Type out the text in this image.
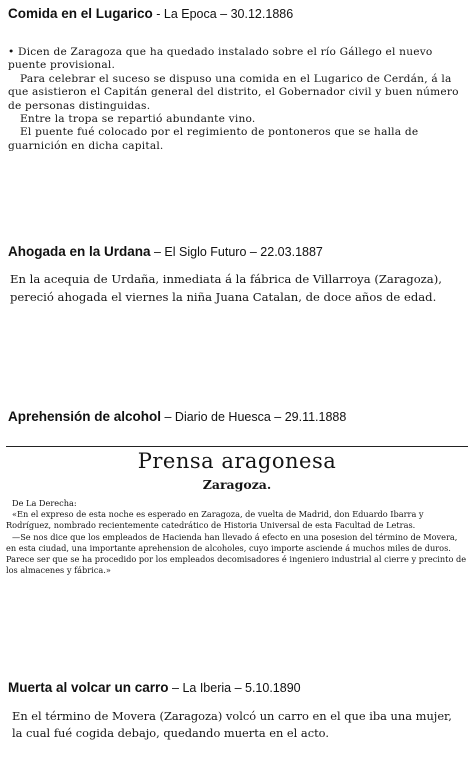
Comida en el Lugarico - La Epoca – 30.12.1886

• Dicen de Zaragoza que ha quedado instalado sobre el río Gállego el nuevo puente provisional.

Para celebrar el suceso se dispuso una comida en el Lugarico de Cerdán, á la que asistieron el Capitán general del distrito, el Gobernador civil y buen número de personas distinguidas.

Entre la tropa se repartió abundante vino.

El puente fué colocado por el regimiento de pontoneros que se halla de guarnición en dicha capital.

Ahogada en la Urdana – El Siglo Futuro – 22.03.1887

En la acequia de Urdaña, inmediata á la fábrica de Villarroya (Zaragoza), pereció ahogada el viernes la niña Juana Catalan, de doce años de edad.

Aprehensión de alcohol – Diario de Huesca – 29.11.1888
Prensa aragonesa
Zaragoza.

De La Derecha:

«En el expreso de esta noche es esperado en Zaragoza, de vuelta de Madrid, don Eduardo Ibarra y Rodríguez, nombrado recientemente catedrático de Historia Universal de esta Facultad de Letras.

—Se nos dice que los empleados de Hacienda han llevado á efecto en una posesion del término de Movera, en esta ciudad, una importante aprehension de alcoholes, cuyo importe asciende á muchos miles de duros. Parece ser que se ha procedido por los empleados decomisadores é ingeniero industrial al cierre y precinto de los almacenes y fábrica.»

Muerta al volcar un carro – La Iberia – 5.10.1890

En el término de Movera (Zaragoza) volcó un carro en el que iba una mujer, la cual fué cogida debajo, quedando muerta en el acto.
